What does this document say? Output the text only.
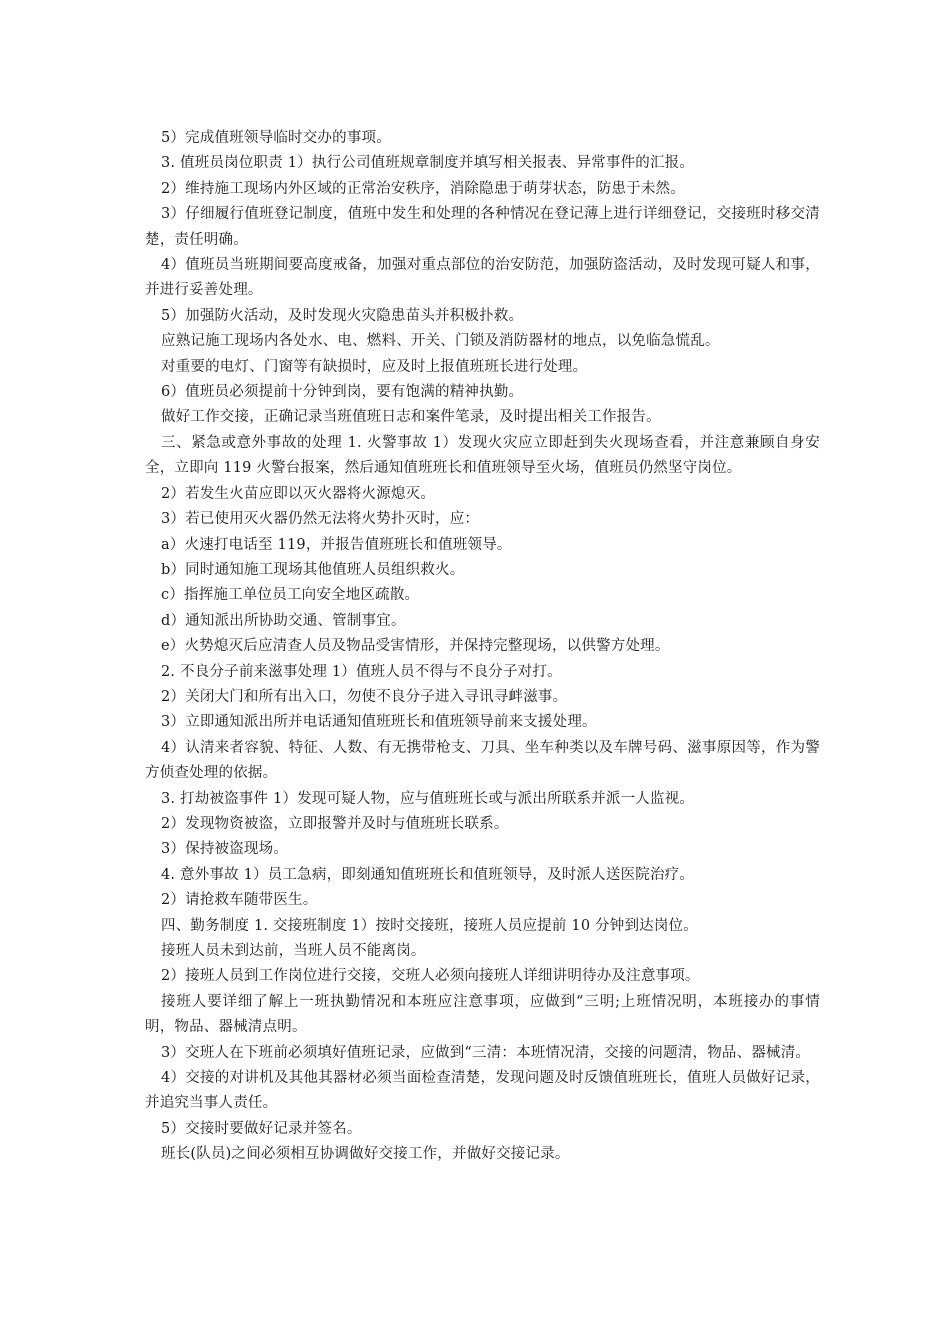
5）完成值班领导临时交办的事项。

3. 值班员岗位职责 1）执行公司值班规章制度并填写相关报表、异常事件的汇报。

2）维持施工现场内外区域的正常治安秩序，消除隐患于萌芽状态，防患于未然。

3）仔细履行值班登记制度，值班中发生和处理的各种情况在登记薄上进行详细登记，交接班时移交清楚，责任明确。

4）值班员当班期间要高度戒备，加强对重点部位的治安防范，加强防盗活动，及时发现可疑人和事，并进行妥善处理。

5）加强防火活动，及时发现火灾隐患苗头并积极扑救。

应熟记施工现场内各处水、电、燃料、开关、门锁及消防器材的地点，以免临急慌乱。

对重要的电灯、门窗等有缺损时，应及时上报值班班长进行处理。

6）值班员必须提前十分钟到岗，要有饱满的精神执勤。

做好工作交接，正确记录当班值班日志和案件笔录，及时提出相关工作报告。

三、紧急或意外事故的处理 1. 火警事故 1）发现火灾应立即赶到失火现场查看，并注意兼顾自身安全，立即向 119 火警台报案，然后通知值班班长和值班领导至火场，值班员仍然坚守岗位。

2）若发生火苗应即以灭火器将火源熄灭。

3）若已使用灭火器仍然无法将火势扑灭时，应：

a）火速打电话至 119，并报告值班班长和值班领导。

b）同时通知施工现场其他值班人员组织救火。

c）指挥施工单位员工向安全地区疏散。

d）通知派出所协助交通、管制事宜。

e）火势熄灭后应清查人员及物品受害情形，并保持完整现场，以供警方处理。

2. 不良分子前来滋事处理 1）值班人员不得与不良分子对打。

2）关闭大门和所有出入口，勿使不良分子进入寻讯寻衅滋事。

3）立即通知派出所并电话通知值班班长和值班领导前来支援处理。

4）认清来者容貌、特征、人数、有无携带枪支、刀具、坐车种类以及车牌号码、滋事原因等，作为警方侦查处理的依据。

3. 打劫被盗事件 1）发现可疑人物，应与值班班长或与派出所联系并派一人监视。

2）发现物资被盗，立即报警并及时与值班班长联系。

3）保持被盗现场。

4. 意外事故 1）员工急病，即刻通知值班班长和值班领导，及时派人送医院治疗。

2）请抢救车随带医生。

四、勤务制度 1. 交接班制度 1）按时交接班，接班人员应提前 10 分钟到达岗位。

接班人员未到达前，当班人员不能离岗。

2）接班人员到工作岗位进行交接，交班人必须向接班人详细讲明待办及注意事项。

接班人要详细了解上一班执勤情况和本班应注意事项，应做到“三明;上班情况明，本班接办的事情明，物品、器械清点明。

3）交班人在下班前必须填好值班记录，应做到“三清：本班情况清，交接的问题清，物品、器械清。

4）交接的对讲机及其他其器材必须当面检查清楚，发现问题及时反馈值班班长，值班人员做好记录，并追究当事人责任。

5）交接时要做好记录并签名。

班长(队员)之间必须相互协调做好交接工作，并做好交接记录。
